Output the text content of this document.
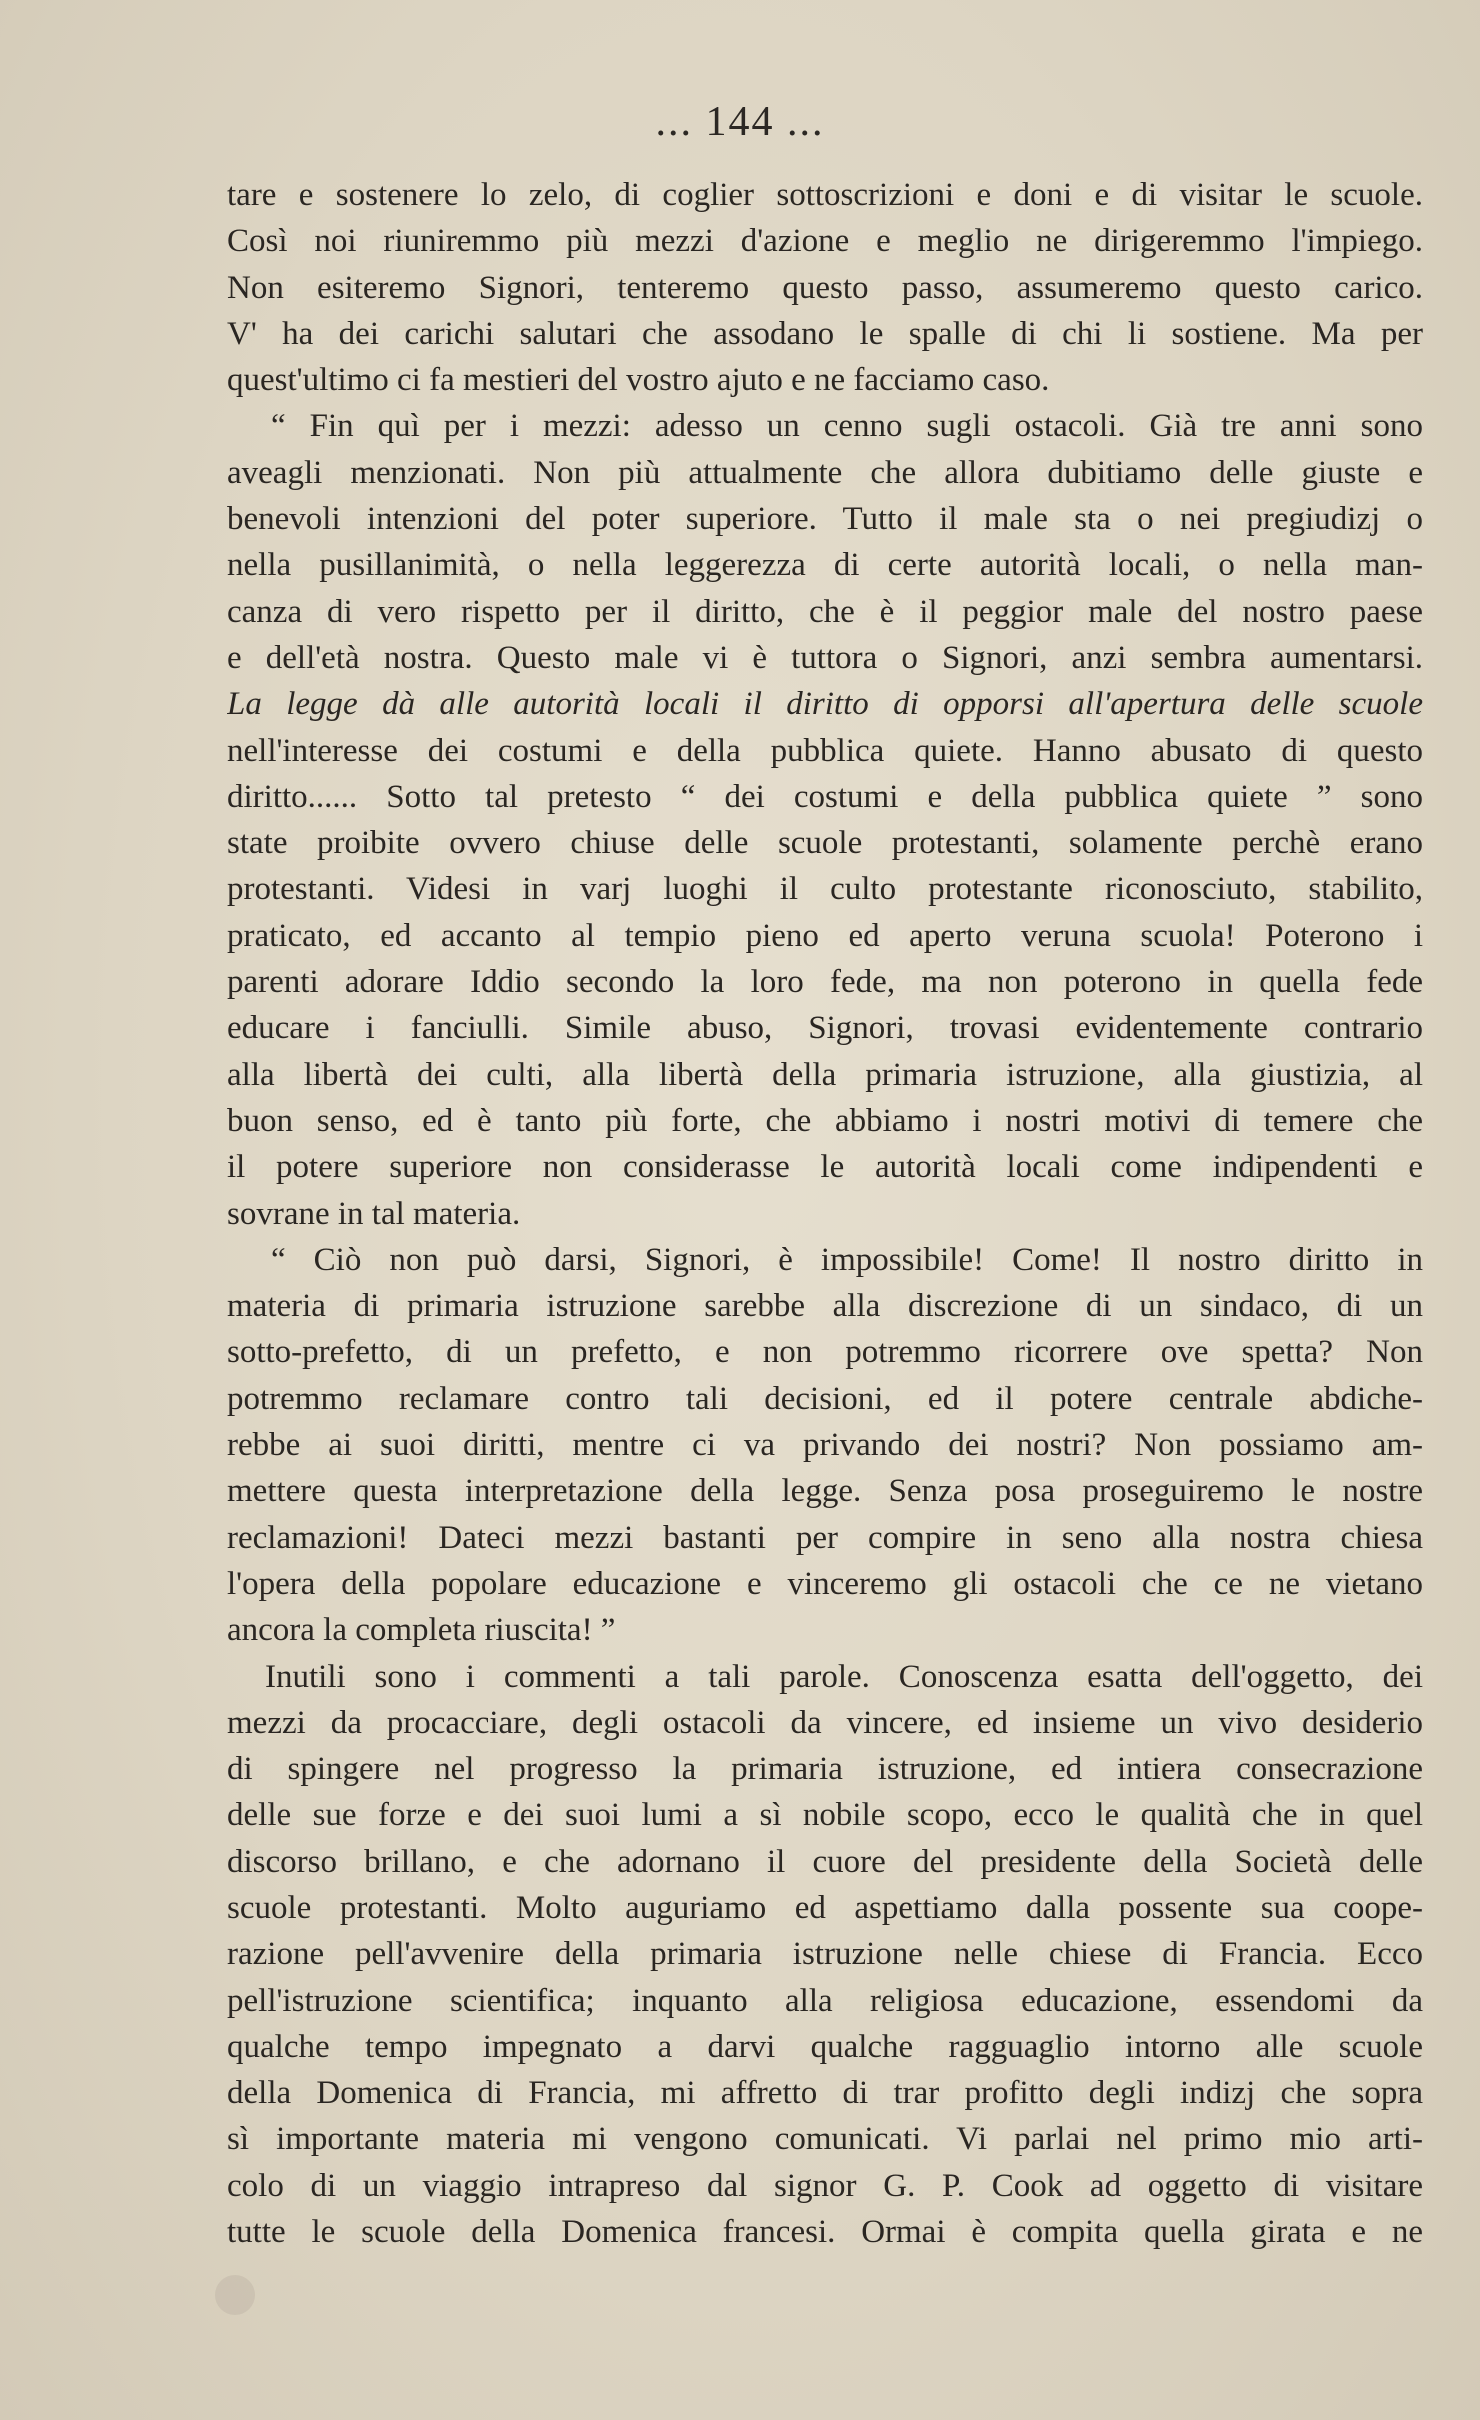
... 144 ...
tare e sostenere lo zelo, di coglier sottoscrizioni e doni e di visitar le scuole.
Così noi riuniremmo più mezzi d'azione e meglio ne dirigeremmo l'impiego.
Non esiteremo Signori, tenteremo questo passo, assumeremo questo carico.
V' ha dei carichi salutari che assodano le spalle di chi li sostiene. Ma per
quest'ultimo ci fa mestieri del vostro ajuto e ne facciamo caso.
“ Fin quì per i mezzi: adesso un cenno sugli ostacoli. Già tre anni sono
aveagli menzionati. Non più attualmente che allora dubitiamo delle giuste e
benevoli intenzioni del poter superiore. Tutto il male sta o nei pregiudizj o
nella pusillanimità, o nella leggerezza di certe autorità locali, o nella man-
canza di vero rispetto per il diritto, che è il peggior male del nostro paese
e dell'età nostra. Questo male vi è tuttora o Signori, anzi sembra aumentarsi.
La legge dà alle autorità locali il diritto di opporsi all'apertura delle scuole
nell'interesse dei costumi e della pubblica quiete. Hanno abusato di questo
diritto...... Sotto tal pretesto “ dei costumi e della pubblica quiete ” sono
state proibite ovvero chiuse delle scuole protestanti, solamente perchè erano
protestanti. Videsi in varj luoghi il culto protestante riconosciuto, stabilito,
praticato, ed accanto al tempio pieno ed aperto veruna scuola! Poterono i
parenti adorare Iddio secondo la loro fede, ma non poterono in quella fede
educare i fanciulli. Simile abuso, Signori, trovasi evidentemente contrario
alla libertà dei culti, alla libertà della primaria istruzione, alla giustizia, al
buon senso, ed è tanto più forte, che abbiamo i nostri motivi di temere che
il potere superiore non considerasse le autorità locali come indipendenti e
sovrane in tal materia.
“ Ciò non può darsi, Signori, è impossibile! Come! Il nostro diritto in
materia di primaria istruzione sarebbe alla discrezione di un sindaco, di un
sotto-prefetto, di un prefetto, e non potremmo ricorrere ove spetta? Non
potremmo reclamare contro tali decisioni, ed il potere centrale abdiche-
rebbe ai suoi diritti, mentre ci va privando dei nostri? Non possiamo am-
mettere questa interpretazione della legge. Senza posa proseguiremo le nostre
reclamazioni! Dateci mezzi bastanti per compire in seno alla nostra chiesa
l'opera della popolare educazione e vinceremo gli ostacoli che ce ne vietano
ancora la completa riuscita! ”
Inutili sono i commenti a tali parole. Conoscenza esatta dell'oggetto, dei
mezzi da procacciare, degli ostacoli da vincere, ed insieme un vivo desiderio
di spingere nel progresso la primaria istruzione, ed intiera consecrazione
delle sue forze e dei suoi lumi a sì nobile scopo, ecco le qualità che in quel
discorso brillano, e che adornano il cuore del presidente della Società delle
scuole protestanti. Molto auguriamo ed aspettiamo dalla possente sua coope-
razione pell'avvenire della primaria istruzione nelle chiese di Francia. Ecco
pell'istruzione scientifica; inquanto alla religiosa educazione, essendomi da
qualche tempo impegnato a darvi qualche ragguaglio intorno alle scuole
della Domenica di Francia, mi affretto di trar profitto degli indizj che sopra
sì importante materia mi vengono comunicati. Vi parlai nel primo mio arti-
colo di un viaggio intrapreso dal signor G. P. Cook ad oggetto di visitare
tutte le scuole della Domenica francesi. Ormai è compita quella girata e ne
